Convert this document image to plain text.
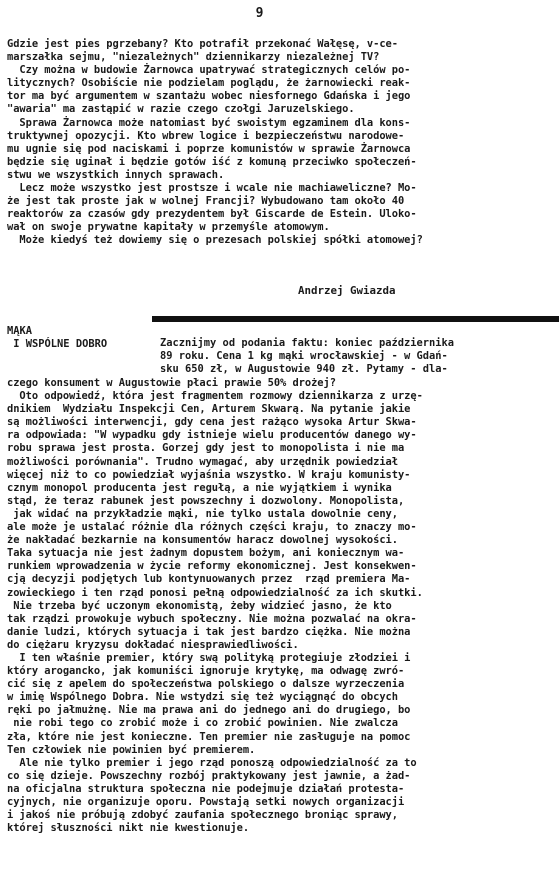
9
Gdzie jest pies pgrzebany? Kto potrafił przekonać Wałęsę, v-ce-
marszałka sejmu, "niezależnych" dziennikarzy niezależnej TV?
Czy można w budowie Żarnowca upatrywać strategicznych celów po-
litycznych? Osobiście nie podzielam poglądu, że żarnowiecki reak-
tor ma być argumentem w szantażu wobec niesfornego Gdańska i jego
"awaria" ma zastąpić w razie czego czołgi Jaruzelskiego.
Sprawa Żarnowca może natomiast być swoistym egzaminem dla kons-
truktywnej opozycji. Kto wbrew logice i bezpieczeństwu narodowe-
mu ugnie się pod naciskami i poprze komunistów w sprawie Żarnowca
będzie się uginał i będzie gotów iść z komuną przeciwko społeczeń-
stwu we wszystkich innych sprawach.
Lecz może wszystko jest prostsze i wcale nie machiaweliczne? Mo-
że jest tak proste jak w wolnej Francji? Wybudowano tam około 40
reaktorów za czasów gdy prezydentem był Giscarde de Estein. Uloko-
wał on swoje prywatne kapitały w przemyśle atomowym.
Może kiedyś też dowiemy się o prezesach polskiej spółki atomowej?
Andrzej Gwiazda
MĄKA
I WSPÓLNE DOBRO	Zacznijmy od podania faktu: koniec października
89 roku. Cena 1 kg mąki wrocławskiej - w Gdań-
sku 650 zł, w Augustowie 940 zł. Pytamy - dla-
czego konsument w Augustowie płaci prawie 50% drożej?
Oto odpowiedź, która jest fragmentem rozmowy dziennikarza z urzę-
dnikiem  Wydziału Inspekcji Cen, Arturem Skwarą. Na pytanie jakie
są możliwości interwencji, gdy cena jest rażąco wysoka Artur Skwa-
ra odpowiada: "W wypadku gdy istnieje wielu producentów danego wy-
robu sprawa jest prosta. Gorzej gdy jest to monopolista i nie ma
możliwości porównania". Trudno wymagać, aby urzędnik powiedział
więcej niż to co powiedział wyjaśnia wszystko. W kraju komunisty-
cznym monopol producenta jest regułą, a nie wyjątkiem i wynika
stąd, że teraz rabunek jest powszechny i dozwolony. Monopolista,
jak widać na przykładzie mąki, nie tylko ustala dowolnie ceny,
ale może je ustalać różnie dla różnych części kraju, to znaczy mo-
że nakładać bezkarnie na konsumentów haracz dowolnej wysokości.
Taka sytuacja nie jest żadnym dopustem bożym, ani koniecznym wa-
runkiem wprowadzenia w życie reformy ekonomicznej. Jest konsekwen-
cją decyzji podjętych lub kontynuowanych przez  rząd premiera Ma-
zowieckiego i ten rząd ponosi pełną odpowiedzialność za ich skutki.
Nie trzeba być uczonym ekonomistą, żeby widzieć jasno, że kto
tak rządzi prowokuje wybuch społeczny. Nie można pozwalać na okra-
danie ludzi, których sytuacja i tak jest bardzo ciężka. Nie można
do ciężaru kryzysu dokładać niesprawiedliwości.
I ten właśnie premier, który swą polityką protegiuje złodziei i
który arogancko, jak komuniści ignoruje krytykę, ma odwagę zwró-
cić się z apelem do społeczeństwa polskiego o dalsze wyrzeczenia
w imię Wspólnego Dobra. Nie wstydzi się też wyciągnąć do obcych
ręki po jałmużnę. Nie ma prawa ani do jednego ani do drugiego, bo
nie robi tego co zrobić może i co zrobić powinien. Nie zwalcza
zła, które nie jest konieczne. Ten premier nie zasługuje na pomoc
Ten człowiek nie powinien być premierem.
Ale nie tylko premier i jego rząd ponoszą odpowiedzialność za to
co się dzieje. Powszechny rozbój praktykowany jest jawnie, a żad-
na oficjalna struktura społeczna nie podejmuje działań protesta-
cyjnych, nie organizuje oporu. Powstają setki nowych organizacji
i jakoś nie próbują zdobyć zaufania społecznego broniąc sprawy,
której słuszności nikt nie kwestionuje.
